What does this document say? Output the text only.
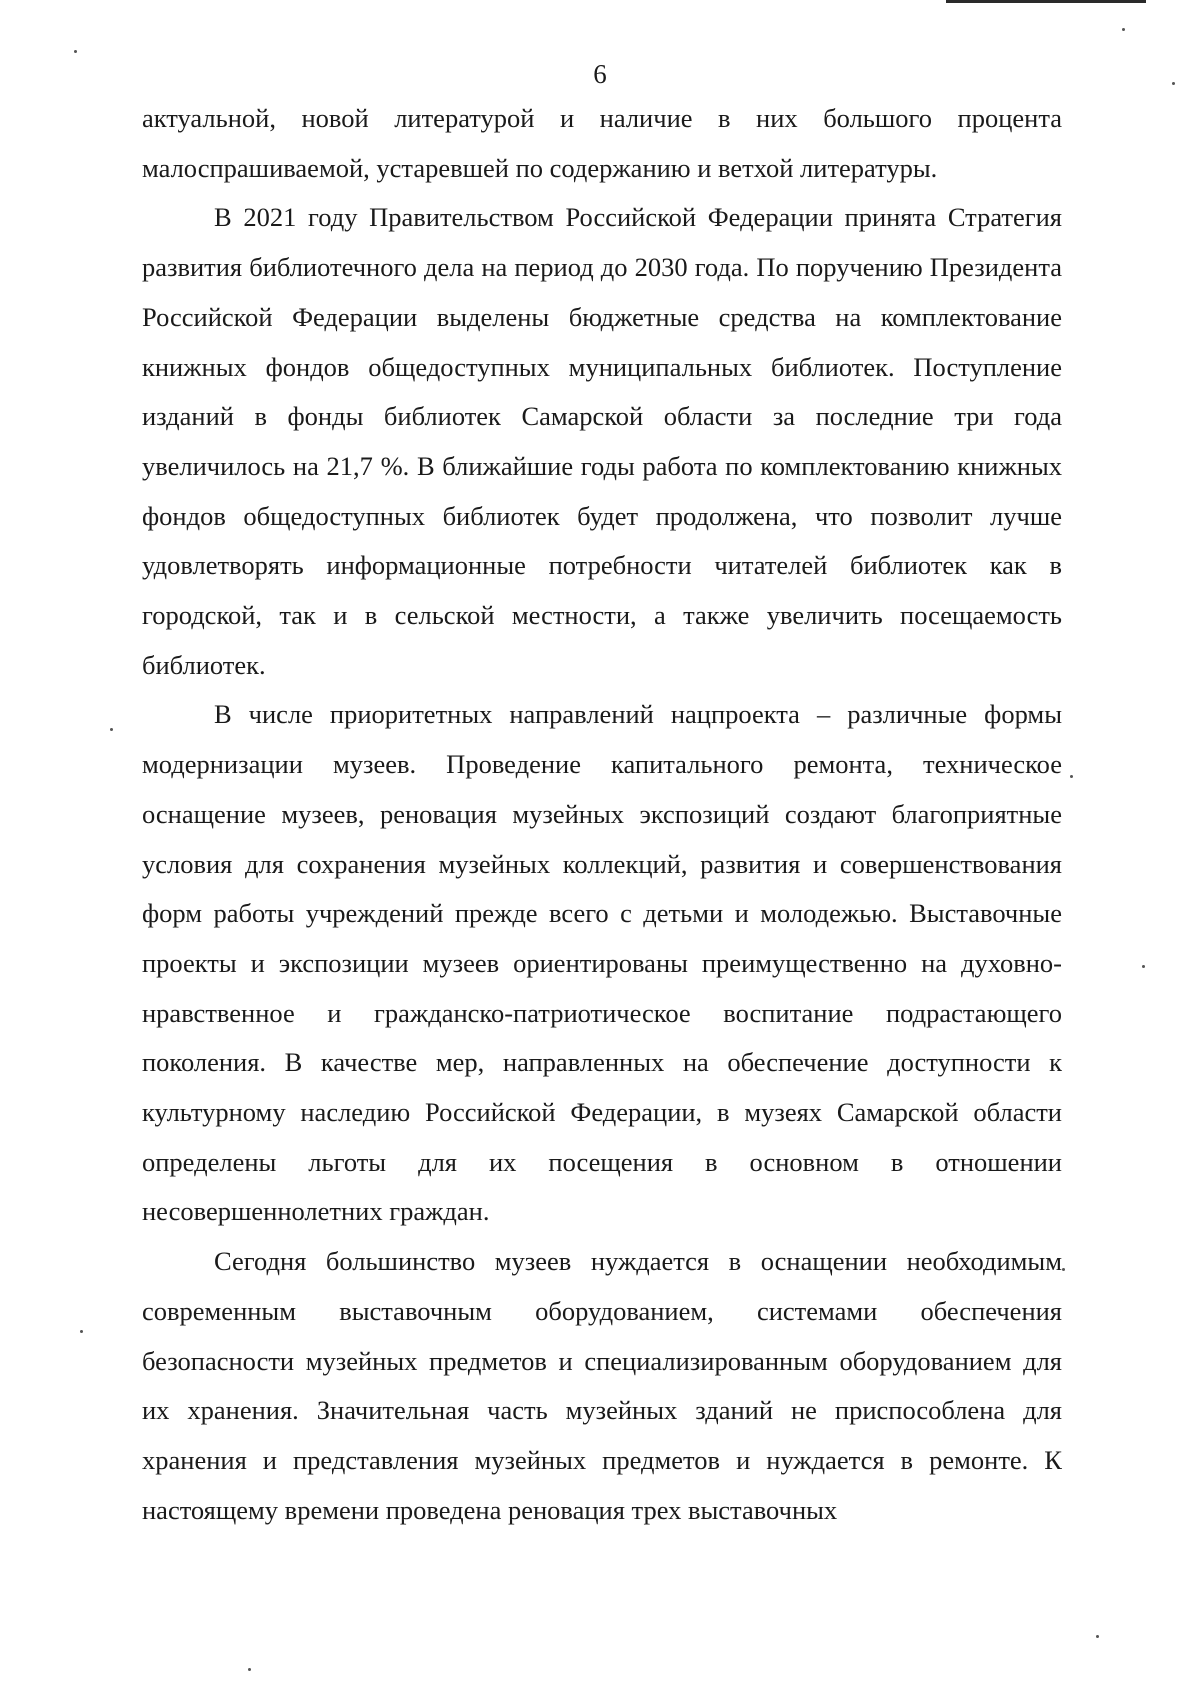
6

актуальной, новой литературой и наличие в них большого процента малоспрашиваемой, устаревшей по содержанию и ветхой литературы.

В 2021 году Правительством Российской Федерации принята Стратегия развития библиотечного дела на период до 2030 года. По поручению Президента Российской Федерации выделены бюджетные средства на комплектование книжных фондов общедоступных муниципальных библиотек. Поступление изданий в фонды библиотек Самарской области за последние три года увеличилось на 21,7 %. В ближайшие годы работа по комплектованию книжных фондов общедоступных библиотек будет продолжена, что позволит лучше удовлетворять информационные потребности читателей библиотек как в городской, так и в сельской местности, а также увеличить посещаемость библиотек.

В числе приоритетных направлений нацпроекта – различные формы модернизации музеев. Проведение капитального ремонта, техническое оснащение музеев, реновация музейных экспозиций создают благоприятные условия для сохранения музейных коллекций, развития и совершенствования форм работы учреждений прежде всего с детьми и молодежью. Выставочные проекты и экспозиции музеев ориентированы преимущественно на духовно-нравственное и гражданско-патриотическое воспитание подрастающего поколения. В качестве мер, направленных на обеспечение доступности к культурному наследию Российской Федерации, в музеях Самарской области определены льготы для их посещения в основном в отношении несовершеннолетних граждан.

Сегодня большинство музеев нуждается в оснащении необходимым современным выставочным оборудованием, системами обеспечения безопасности музейных предметов и специализированным оборудованием для их хранения. Значительная часть музейных зданий не приспособлена для хранения и представления музейных предметов и нуждается в ремонте. К настоящему времени проведена реновация трех выставочных
